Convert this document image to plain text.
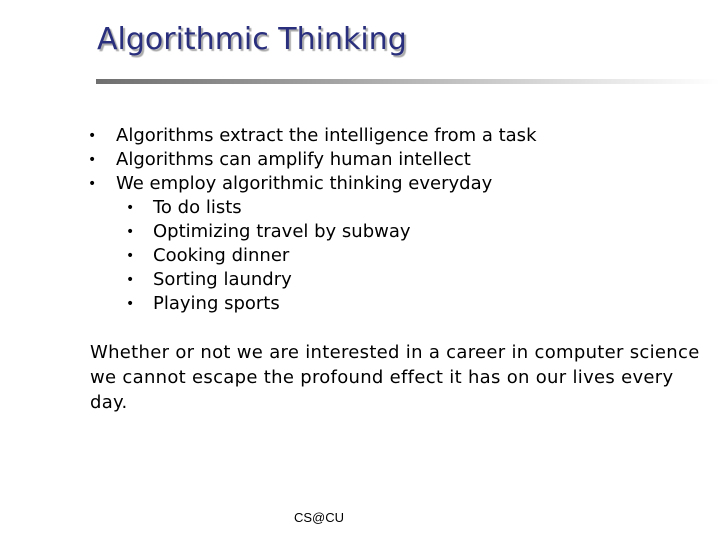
Algorithmic Thinking
• Algorithms extract the intelligence from a task
• Algorithms can amplify human intellect
• We employ algorithmic thinking everyday
• To do lists
• Optimizing travel by subway
• Cooking dinner
• Sorting laundry
• Playing sports
Whether or not we are interested in a career in computer science we cannot escape the profound effect it has on our lives every day.
CS@CU
